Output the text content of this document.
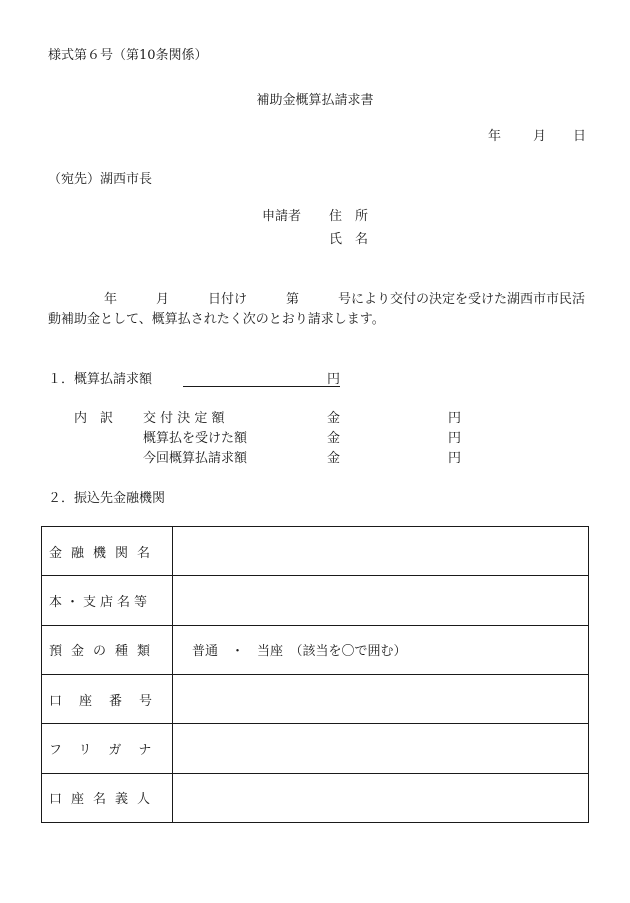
様式第６号（第10条関係）
補助金概算払請求書
年 月 日
（宛先）湖西市長
申請者 住　所
氏　名
年　　　月　　　日付け　　　第　　　号により交付の決定を受けた湖西市市民活
動補助金として、概算払されたく次のとおり請求します。
１．概算払請求額	円
内　訳 交 付 決 定 額	金	円
概算払を受けた額	金	円
今回概算払請求額	金	円
２．振込先金融機関
金融機関名	
本・支店名等	
預金の種類	普通　・　当座　（該当を〇で囲む）
口座番号	
フリガナ	
口座名義人	
